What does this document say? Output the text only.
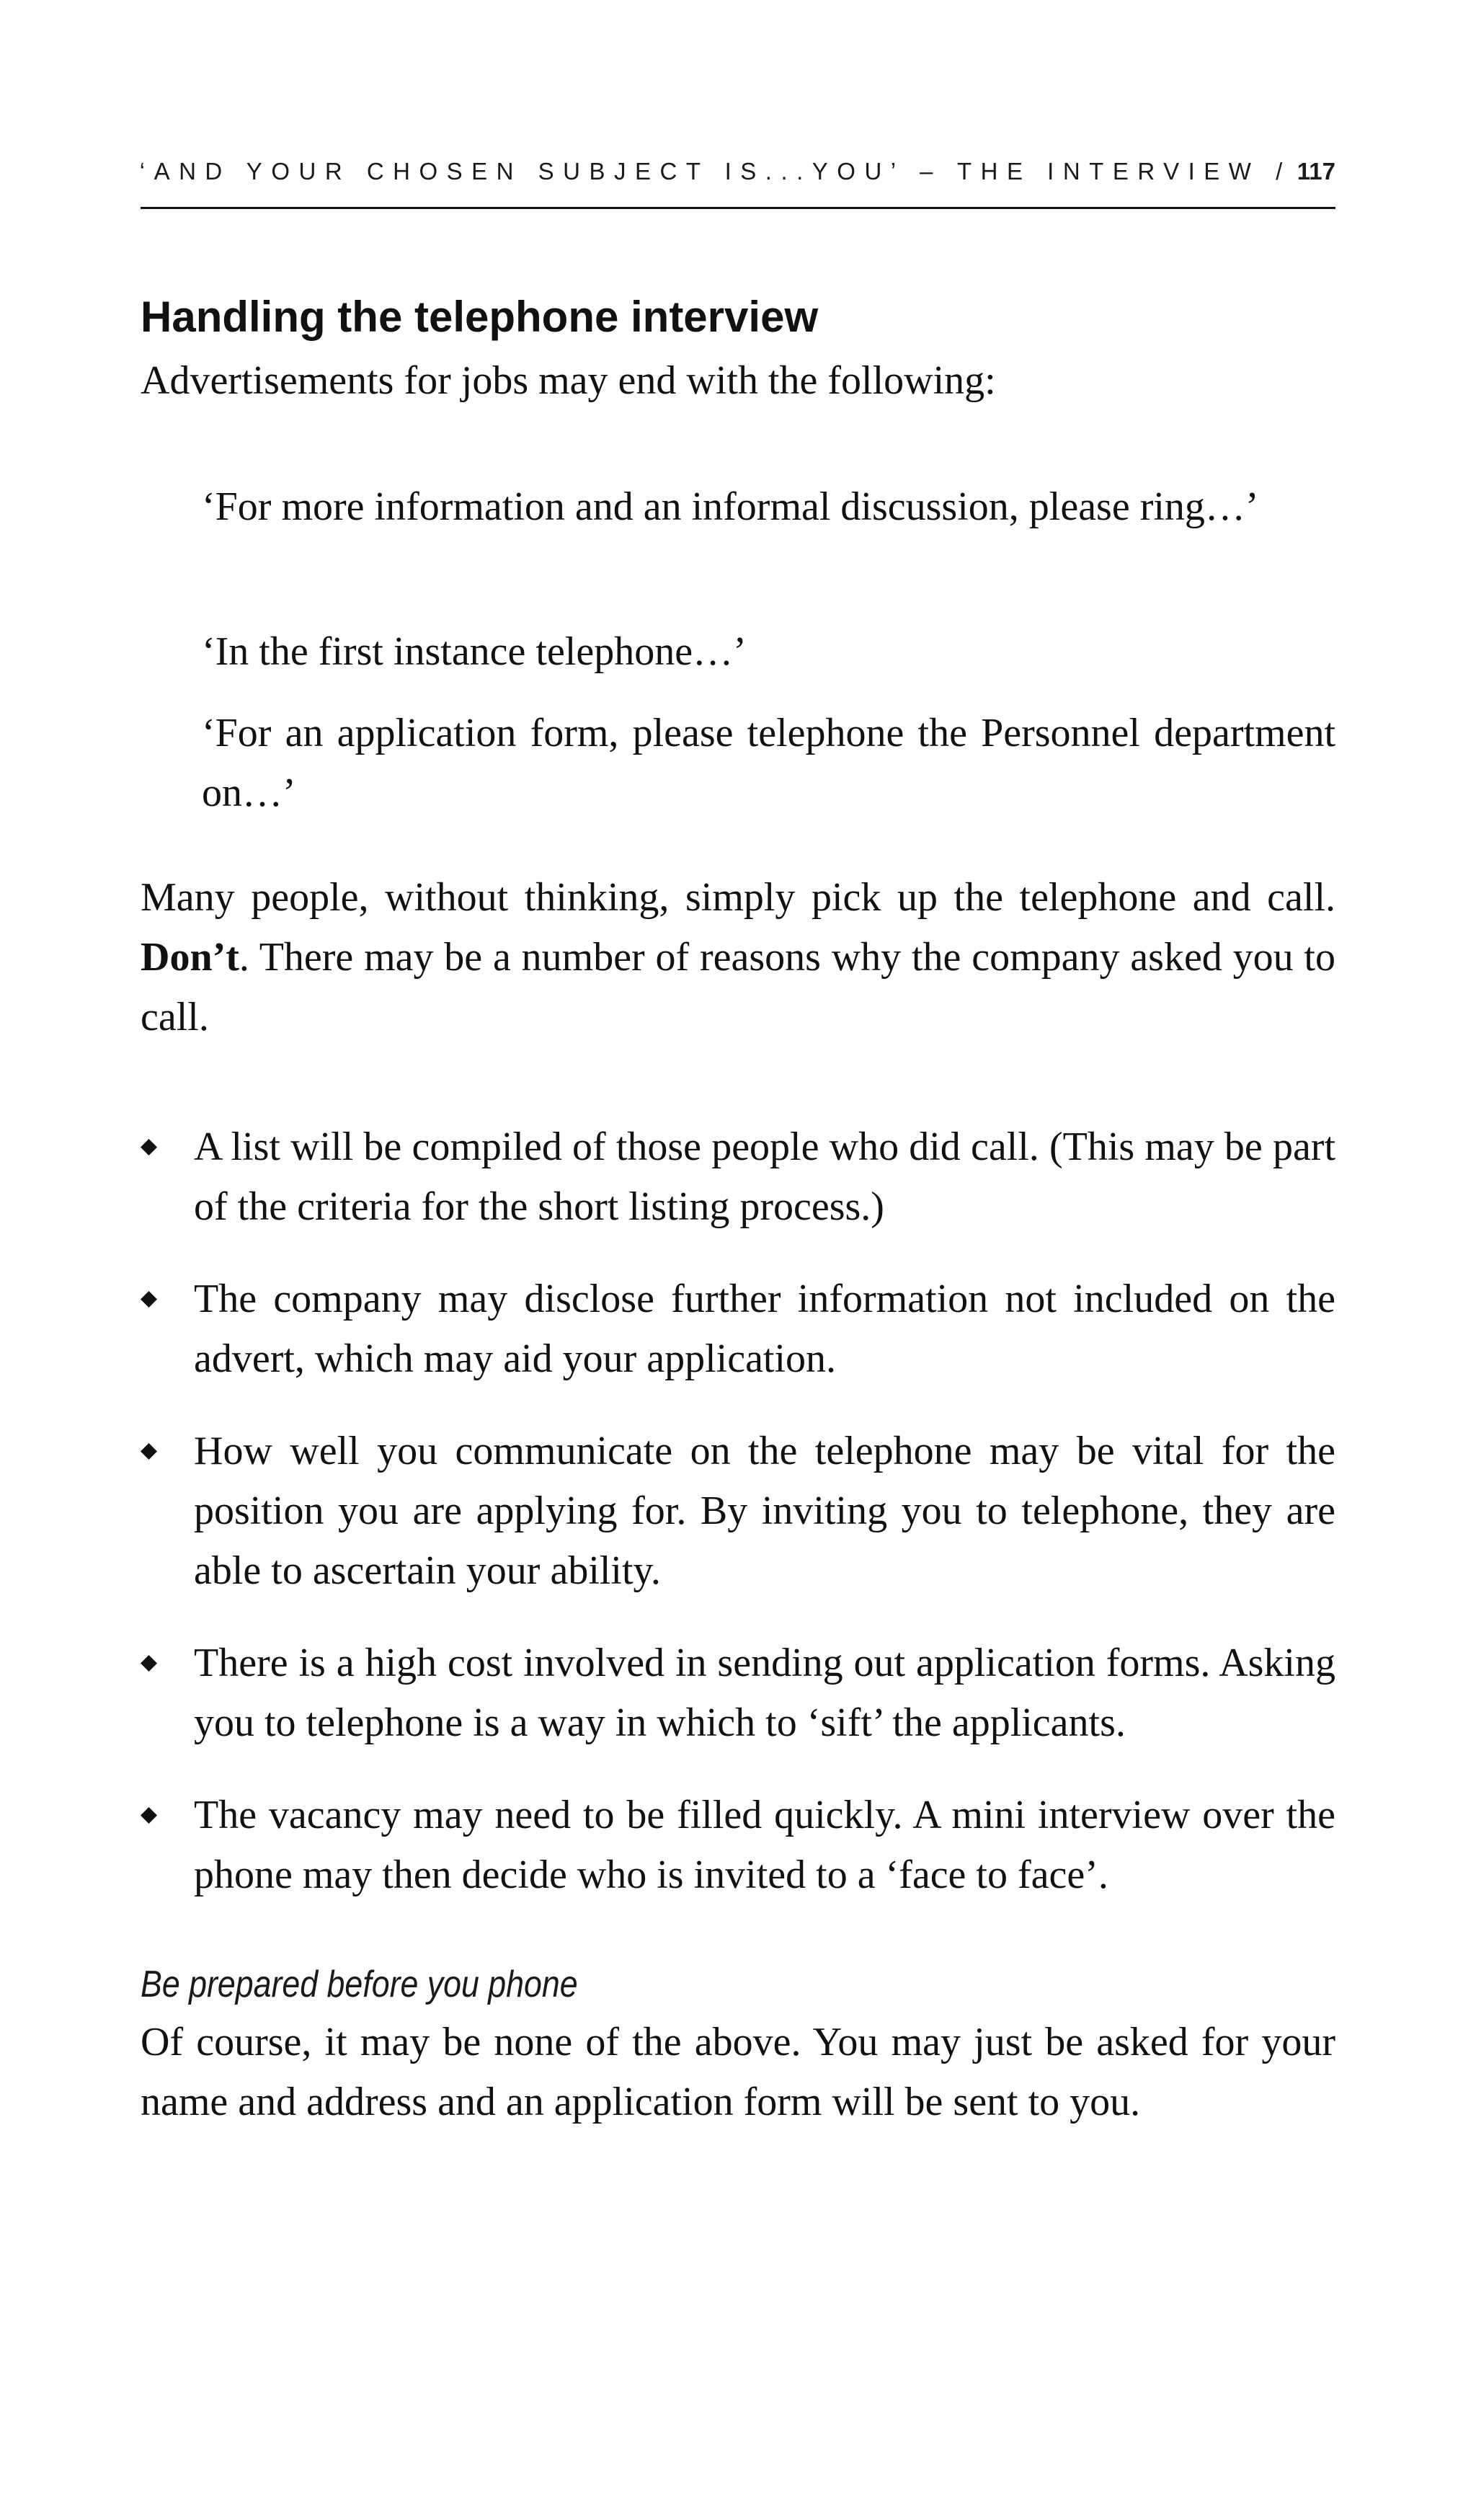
‘AND YOUR CHOSEN SUBJECT IS...YOU’ – THE INTERVIEW / 117
Handling the telephone interview

Advertisements for jobs may end with the following:

‘For more information and an informal discussion, please ring…’

‘In the first instance telephone…’

‘For an application form, please telephone the Personnel department on…’

Many people, without thinking, simply pick up the telephone and call. Don’t. There may be a number of reasons why the company asked you to call.

A list will be compiled of those people who did call. (This may be part of the criteria for the short listing process.)
The company may disclose further information not included on the advert, which may aid your application.
How well you communicate on the telephone may be vital for the position you are applying for. By inviting you to telephone, they are able to ascertain your ability.
There is a high cost involved in sending out application forms. Asking you to telephone is a way in which to ‘sift’ the applicants.
The vacancy may need to be filled quickly. A mini interview over the phone may then decide who is invited to a ‘face to face’.
Be prepared before you phone

Of course, it may be none of the above. You may just be asked for your name and address and an application form will be sent to you.
